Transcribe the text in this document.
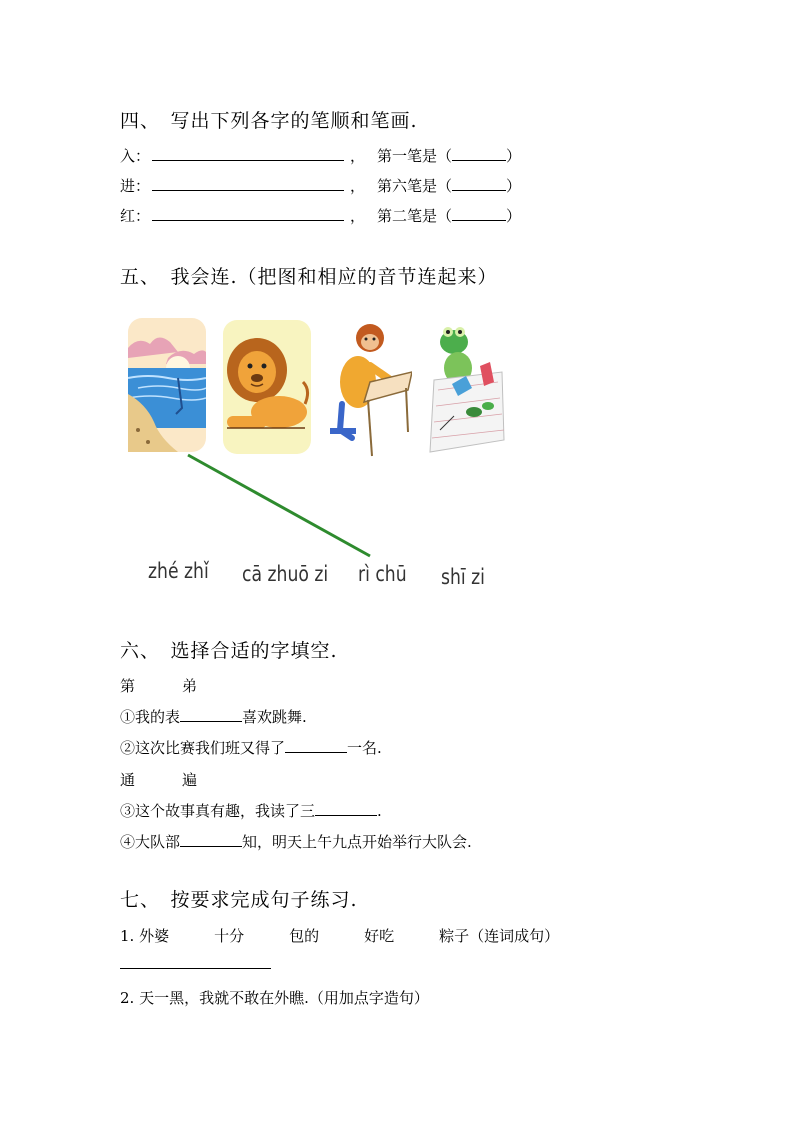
四、　写出下列各字的笔顺和笔画.
入：	， 第一笔是（	）
进：	， 第六笔是（	）
红：	， 第二笔是（	）
五、　我会连.（把图和相应的音节连起来）
zhé zhǐ cā zhuō zi rì chū shī zi
六、　选择合适的字填空.
第	弟
①我的表	喜欢跳舞.
②这次比赛我们班又得了	一名.
通	遍
③这个故事真有趣，我读了三	.
④大队部	知，明天上午九点开始举行大队会.
七、　按要求完成句子练习.
1. 外婆　　　十分　　　包的　　　好吃　　　粽子（连词成句）
2. 天一黑，我就不敢在外瞧.（用加点字造句）
